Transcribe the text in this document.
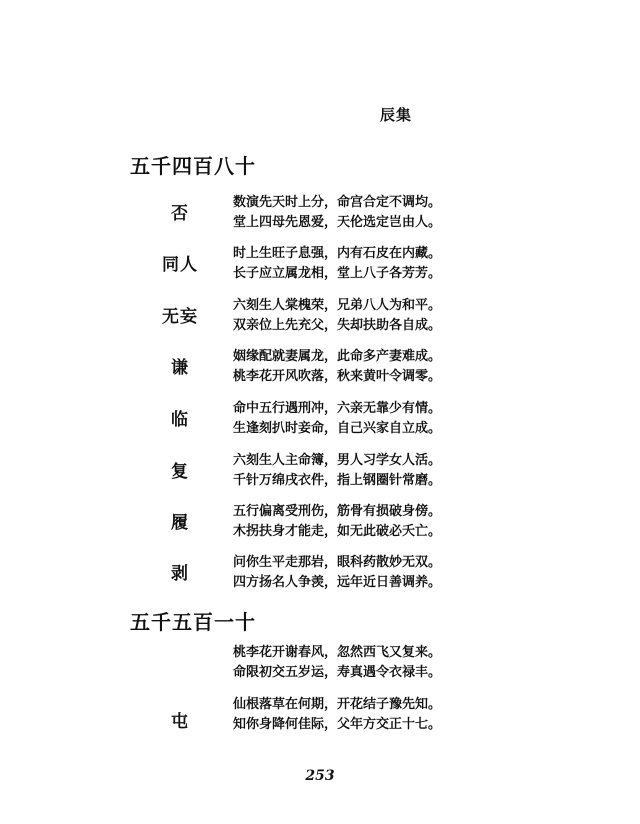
辰集
五千四百八十
否
数演先天时上分，命宫合定不调均。
堂上四母先恩爱，天伦选定岂由人。
同人
时上生旺子息强，内有石皮在内藏。
长子应立属龙相，堂上八子各芳芳。
无妄
六刻生人棠槐荣，兄弟八人为和平。
双亲位上先充父，失却扶助各自成。
谦
姻缘配就妻属龙，此命多产妻难成。
桃李花开风吹落，秋来黄叶令调零。
临
命中五行遇刑冲，六亲无靠少有情。
生逢刻扒时妾命，自己兴家自立成。
复
六刻生人主命簿，男人习学女人活。
千针万绵戌衣件，指上钢圈针常磨。
履
五行偏离受刑伤，筋骨有损破身傍。
木拐扶身才能走，如无此破必夭亡。
剥
问你生平走那岩，眼科药散妙无双。
四方扬名人争羡，远年近日善调养。
五千五百一十
桃李花开谢春风，忽然西飞又复来。
命限初交五岁运，寿真遇令衣禄丰。
屯
仙根落草在何期，开花结子豫先知。
知你身降何佳际，父年方交正十七。
253
